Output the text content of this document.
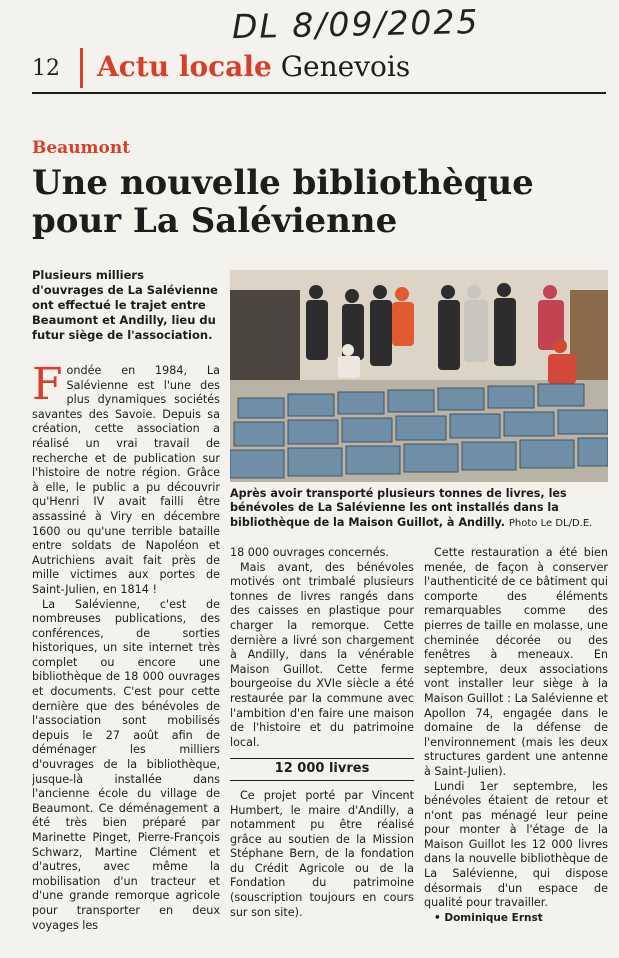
DL 8/09/2025
12 Actu locale Genevois
Beaumont
Une nouvelle bibliothèque pour La Salévienne
Plusieurs milliers d'ouvrages de La Salévienne ont effectué le trajet entre Beaumont et Andilly, lieu du futur siège de l'association.
Après avoir transporté plusieurs tonnes de livres, les bénévoles de La Salévienne les ont installés dans la bibliothèque de la Maison Guillot, à Andilly. Photo Le DL/D.E.

Fondée en 1984, La Salévienne est l'une des plus dynamiques sociétés savantes des Savoie. Depuis sa création, cette association a réalisé un vrai travail de recherche et de publication sur l'histoire de notre région. Grâce à elle, le public a pu découvrir qu'Henri IV avait failli être assassiné à Viry en décembre 1600 ou qu'une terrible bataille entre soldats de Napoléon et Autrichiens avait fait près de mille victimes aux portes de Saint-Julien, en 1814 !

La Salévienne, c'est de nombreuses publications, des conférences, de sorties historiques, un site internet très complet ou encore une bibliothèque de 18 000 ouvrages et documents. C'est pour cette dernière que des bénévoles de l'association sont mobilisés depuis le 27 août afin de déménager les milliers d'ouvrages de la bibliothèque, jusque-là installée dans l'ancienne école du village de Beaumont. Ce déménagement a été très bien préparé par Marinette Pinget, Pierre-François Schwarz, Martine Clément et d'autres, avec même la mobilisation d'un tracteur et d'une grande remorque agricole pour transporter en deux voyages les

18 000 ouvrages concernés.

Mais avant, des bénévoles motivés ont trimbalé plusieurs tonnes de livres rangés dans des caisses en plastique pour charger la remorque. Cette dernière a livré son chargement à Andilly, dans la vénérable Maison Guillot. Cette ferme bourgeoise du XVIe siècle a été restaurée par la commune avec l'ambition d'en faire une maison de l'histoire et du patrimoine local.

12 000 livres

Ce projet porté par Vincent Humbert, le maire d'Andilly, a notamment pu être réalisé grâce au soutien de la Mission Stéphane Bern, de la fondation du Crédit Agricole ou de la Fondation du patrimoine (souscription toujours en cours sur son site).

Cette restauration a été bien menée, de façon à conserver l'authenticité de ce bâtiment qui comporte des éléments remarquables comme des pierres de taille en molasse, une cheminée décorée ou des fenêtres à meneaux. En septembre, deux associations vont installer leur siège à la Maison Guillot : La Salévienne et Apollon 74, engagée dans le domaine de la défense de l'environnement (mais les deux structures gardent une antenne à Saint-Julien).

Lundi 1er septembre, les bénévoles étaient de retour et n'ont pas ménagé leur peine pour monter à l'étage de la Maison Guillot les 12 000 livres dans la nouvelle bibliothèque de La Salévienne, qui dispose désormais d'un espace de qualité pour travailler.

• Dominique Ernst
